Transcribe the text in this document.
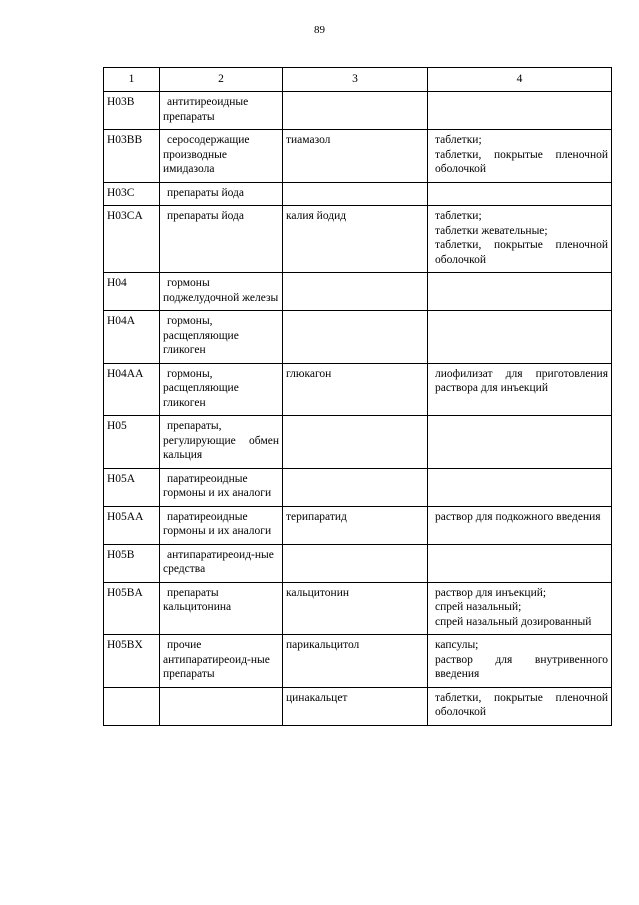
89
1	2	3	4
H03B	антитиреоидные препараты		
H03BB	серосодержащие производные имидазола	тиамазол	таблетки;
таблетки, покрытые пленочной оболочкой

H03C	препараты йода		
H03CA	препараты йода	калия йодид	таблетки;
таблетки жевательные;
таблетки, покрытые пленочной оболочкой

H04	гормоны поджелудочной железы		
H04A	гормоны, расщепляющие гликоген		
H04AA	гормоны, расщепляющие гликоген	глюкагон	лиофилизат для приготовления раствора для инъекций

H05	препараты, регулирующие обмен кальция		
H05A	паратиреоидные гормоны и их аналоги		
H05AA	паратиреоидные гормоны и их аналоги	терипаратид	раствор для подкожного введения

H05B	антипаратиреоид-ные средства		
H05BA	препараты кальцитонина	кальцитонин	раствор для инъекций;
спрей назальный;
спрей назальный дозированный

H05BX	прочие антипаратиреоид-ные препараты	парикальцитол	капсулы;
раствор для внутривенного введения

		цинакальцет	таблетки, покрытые пленочной оболочкой
